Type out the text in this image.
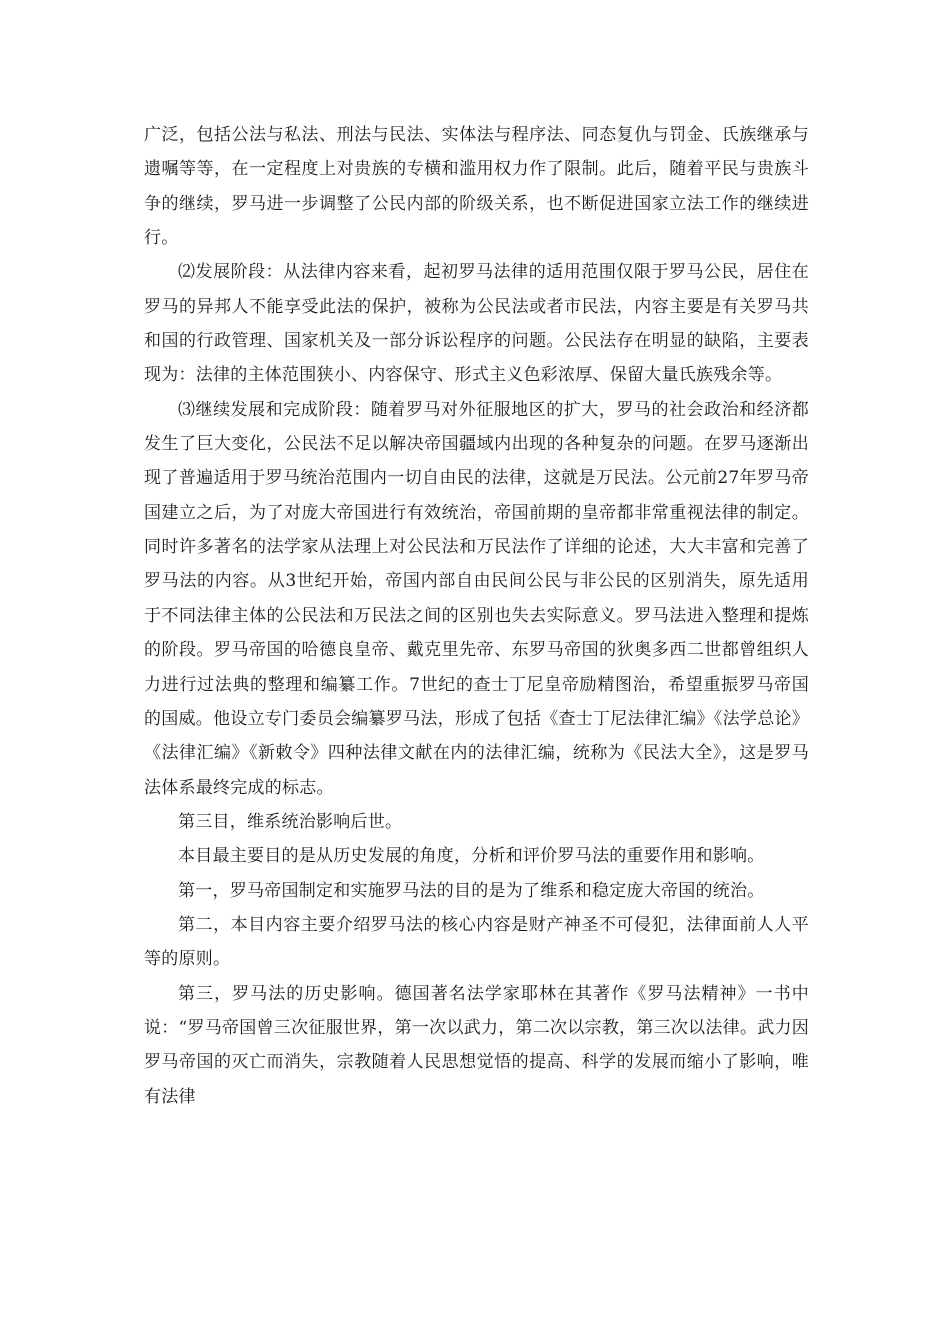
广泛，包括公法与私法、刑法与民法、实体法与程序法、同态复仇与罚金、氏族继承与遗嘱等等，在一定程度上对贵族的专横和滥用权力作了限制。此后，随着平民与贵族斗争的继续，罗马进一步调整了公民内部的阶级关系，也不断促进国家立法工作的继续进行。

⑵发展阶段：从法律内容来看，起初罗马法律的适用范围仅限于罗马公民，居住在罗马的异邦人不能享受此法的保护，被称为公民法或者市民法，内容主要是有关罗马共和国的行政管理、国家机关及一部分诉讼程序的问题。公民法存在明显的缺陷，主要表现为：法律的主体范围狭小、内容保守、形式主义色彩浓厚、保留大量氏族残余等。

⑶继续发展和完成阶段：随着罗马对外征服地区的扩大，罗马的社会政治和经济都发生了巨大变化，公民法不足以解决帝国疆域内出现的各种复杂的问题。在罗马逐渐出现了普遍适用于罗马统治范围内一切自由民的法律，这就是万民法。公元前27年罗马帝国建立之后，为了对庞大帝国进行有效统治，帝国前期的皇帝都非常重视法律的制定。同时许多著名的法学家从法理上对公民法和万民法作了详细的论述，大大丰富和完善了罗马法的内容。从3世纪开始，帝国内部自由民间公民与非公民的区别消失，原先适用于不同法律主体的公民法和万民法之间的区别也失去实际意义。罗马法进入整理和提炼的阶段。罗马帝国的哈德良皇帝、戴克里先帝、东罗马帝国的狄奥多西二世都曾组织人力进行过法典的整理和编纂工作。7世纪的查士丁尼皇帝励精图治，希望重振罗马帝国的国威。他设立专门委员会编纂罗马法，形成了包括《查士丁尼法律汇编》《法学总论》《法律汇编》《新敕令》四种法律文献在内的法律汇编，统称为《民法大全》，这是罗马法体系最终完成的标志。

第三目，维系统治影响后世。

本目最主要目的是从历史发展的角度，分析和评价罗马法的重要作用和影响。

第一，罗马帝国制定和实施罗马法的目的是为了维系和稳定庞大帝国的统治。

第二，本目内容主要介绍罗马法的核心内容是财产神圣不可侵犯，法律面前人人平等的原则。

第三，罗马法的历史影响。德国著名法学家耶林在其著作《罗马法精神》一书中说：“罗马帝国曾三次征服世界，第一次以武力，第二次以宗教，第三次以法律。武力因罗马帝国的灭亡而消失，宗教随着人民思想觉悟的提高、科学的发展而缩小了影响，唯有法律
